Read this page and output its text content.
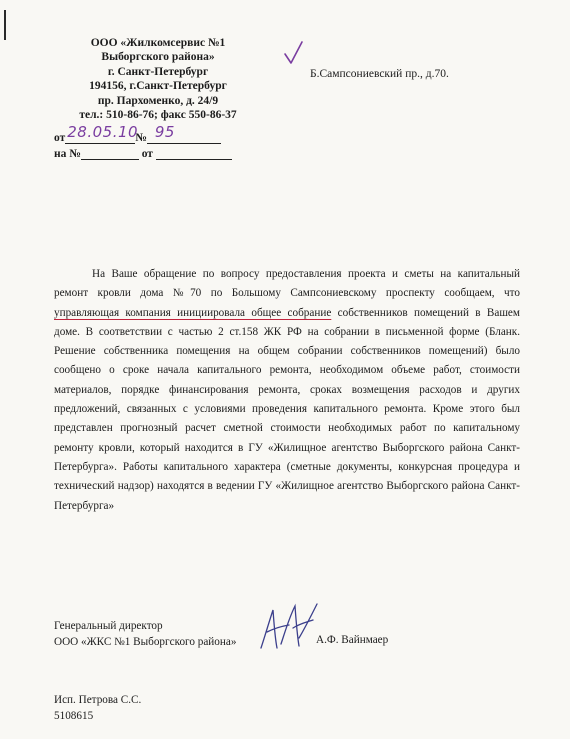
ООО «Жилкомсервис №1
Выборгского района»
г. Санкт-Петербург
194156, г.Санкт-Петербург
пр. Пархоменко, д. 24/9
тел.: 510-86-76; факс 550-86-37
от 28.05.10
№ 95
на №	от
Б.Сампсониевский пр., д.70.

На Ваше обращение по вопросу предоставления проекта и сметы на капитальный ремонт кровли дома №70 по Большому Сампсониевскому проспекту сообщаем, что управляющая компания инициировала общее собрание собственников помещений в Вашем доме. В соответствии с частью 2 ст.158 ЖК РФ на собрании в письменной форме (Бланк. Решение собственника помещения на общем собрании собственников помещений) было сообщено о сроке начала капитального ремонта, необходимом объеме работ, стоимости материалов, порядке финансирования ремонта, сроках возмещения расходов и других предложений, связанных с условиями проведения капитального ремонта. Кроме этого был представлен прогнозный расчет сметной стоимости необходимых работ по капитальному ремонту кровли, который находится в ГУ «Жилищное агентство Выборгского района Санкт-Петербурга». Работы капитального характера (сметные документы, конкурсная процедура и технический надзор) находятся в ведении ГУ «Жилищное агентство Выборгского района Санкт-Петербурга»

Генеральный директор
ООО «ЖКС №1 Выборгского района»	А.Ф. Вайнмаер
Исп. Петрова С.С.
5108615
